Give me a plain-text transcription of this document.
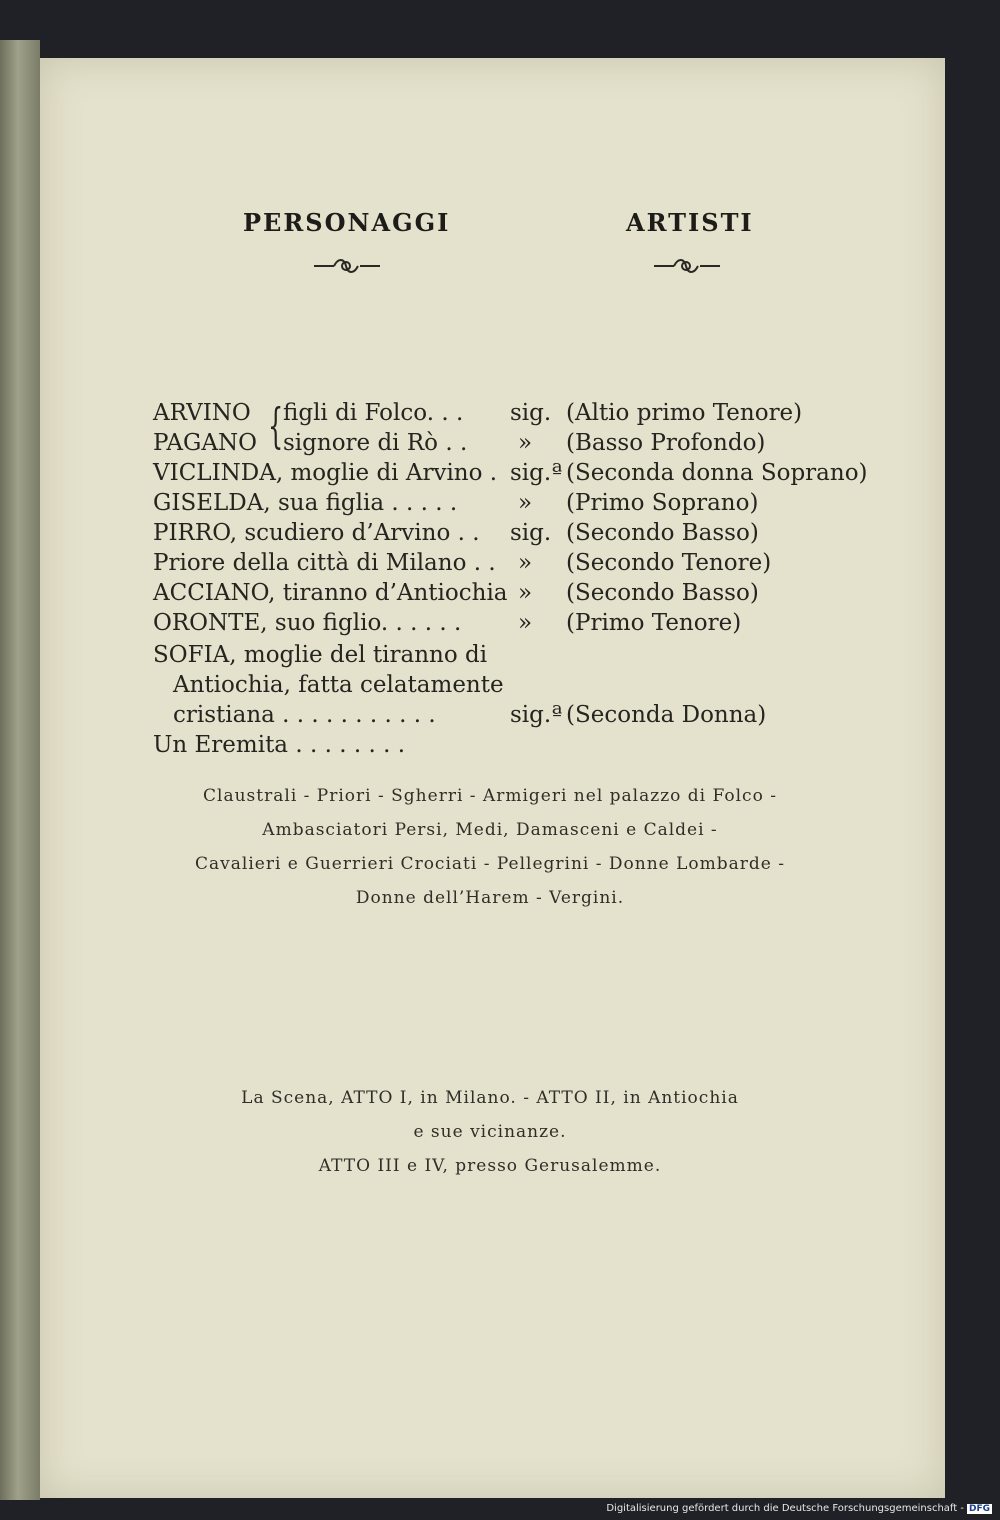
PERSONAGGI	ARTISTI
{
ARVINO figli di Folco. . . sig. (Altio primo Tenore)
PAGANO signore di Rò . . » (Basso Profondo)
VICLINDA, moglie di Arvino . sig.ª (Seconda donna Soprano)
GISELDA, sua figlia . . . . .	» (Primo Soprano)
PIRRO, scudiero d’Arvino . . sig. (Secondo Basso)
Priore della città di Milano . . » (Secondo Tenore)
ACCIANO, tiranno d’Antiochia » (Secondo Basso)
ORONTE, suo figlio. . . . . . » (Primo Tenore)
SOFIA, moglie del tiranno di
Antiochia, fatta celatamente
cristiana . . . . . . . . . . .	sig.ª (Seconda Donna)
Un Eremita . . . . . . . .
Claustrali - Priori - Sgherri - Armigeri nel palazzo di Folco -
Ambasciatori Persi, Medi, Damasceni e Caldei -
Cavalieri e Guerrieri Crociati - Pellegrini - Donne Lombarde -
Donne dell’Harem - Vergini.
La Scena, ATTO I, in Milano. - ATTO II, in Antiochia
e sue vicinanze.
ATTO III e IV, presso Gerusalemme.
Digitalisierung gefördert durch die Deutsche Forschungsgemeinschaft - DFG
